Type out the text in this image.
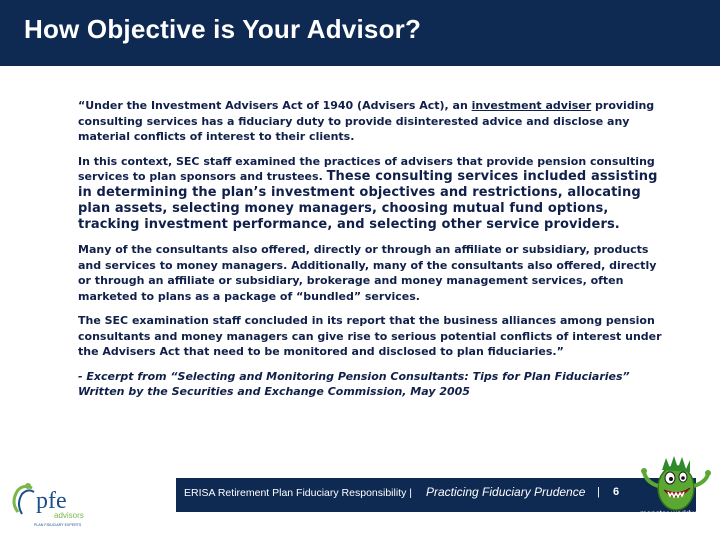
How Objective is Your Advisor?

“Under the Investment Advisers Act of 1940 (Advisers Act), an investment adviser providing consulting services has a fiduciary duty to provide disinterested advice and disclose any material conflicts of interest to their clients.

In this context, SEC staff examined the practices of advisers that provide pension consulting services to plan sponsors and trustees. These consulting services included assisting in determining the plan’s investment objectives and restrictions, allocating plan assets, selecting money managers, choosing mutual fund options, tracking investment performance, and selecting other service providers.

Many of the consultants also offered, directly or through an affiliate or subsidiary, products and services to money managers. Additionally, many of the consultants also offered, directly or through an affiliate or subsidiary, brokerage and money management services, often marketed to plans as a package of “bundled” services.

The SEC examination staff concluded in its report that the business alliances among pension consultants and money managers can give rise to serious potential conflicts of interest under the Advisers Act that need to be monitored and disclosed to plan fiduciaries.”

- Excerpt from “Selecting and Monitoring Pension Consultants: Tips for Plan Fiduciaries”
Written by the Securities and Exchange Commission, May 2005
pfe
advisors
PLAN FIDUCIARY EXPERTS
ERISA Retirement Plan Fiduciary Responsibility | Practicing Fiduciary Prudence | 6
monster worldwide
